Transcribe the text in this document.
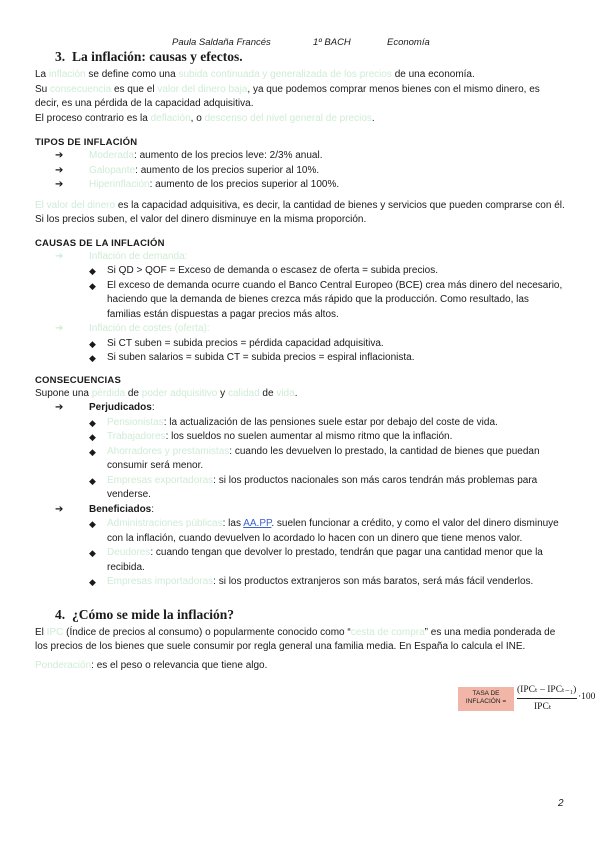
Paula Saldaña Francés	1º BACH	Economía
3. La inflación: causas y efectos.

La inflación se define como una subida continuada y generalizada de los precios de una economía.

Su consecuencia es que el valor del dinero baja, ya que podemos comprar menos bienes con el mismo dinero, es decir, es una pérdida de la capacidad adquisitiva.

El proceso contrario es la deflación, o descenso del nivel general de precios.

TIPOS DE INFLACIÓN
➔	Moderada: aumento de los precios leve: 2/3% anual.
➔	Galopante: aumento de los precios superior al 10%.
➔	Hiperinflación: aumento de los precios superior al 100%.

El valor del dinero es la capacidad adquisitiva, es decir, la cantidad de bienes y servicios que pueden comprarse con él. Si los precios suben, el valor del dinero disminuye en la misma proporción.

CAUSAS DE LA INFLACIÓN
➔	Inflación de demanda:
◆ Si QD > QOF = Exceso de demanda o escasez de oferta = subida precios.
◆ El exceso de demanda ocurre cuando el Banco Central Europeo (BCE) crea más dinero del necesario, haciendo que la demanda de bienes crezca más rápido que la producción. Como resultado, las familias están dispuestas a pagar precios más altos.
➔	Inflación de costes (oferta):
◆ Si CT suben = subida precios = pérdida capacidad adquisitiva.
◆ Si suben salarios = subida CT = subida precios = espiral inflacionista.
CONSECUENCIAS

Supone una pérdida de poder adquisitivo y calidad de vida.

➔	Perjudicados:
◆ Pensionistas: la actualización de las pensiones suele estar por debajo del coste de vida.
◆ Trabajadores: los sueldos no suelen aumentar al mismo ritmo que la inflación.
◆ Ahorradores y prestamistas: cuando les devuelven lo prestado, la cantidad de bienes que puedan consumir será menor.
◆ Empresas exportadoras: si los productos nacionales son más caros tendrán más problemas para venderse.
➔	Beneficiados:
◆ Administraciones públicas: las AA.PP. suelen funcionar a crédito, y como el valor del dinero disminuye con la inflación, cuando devuelven lo acordado lo hacen con un dinero que tiene menos valor.
◆ Deudores: cuando tengan que devolver lo prestado, tendrán que pagar una cantidad menor que la recibida.
◆ Empresas importadoras: si los productos extranjeros son más baratos, será más fácil venderlos.
4. ¿Cómo se mide la inflación?

El IPC (Índice de precios al consumo) o popularmente conocido como “cesta de compra” es una media ponderada de los precios de los bienes que suele consumir por regla general una familia media. En España lo calcula el INE.

Ponderación: es el peso o relevancia que tiene algo.

TASA DE INFLACIÓN =
(IPCₜ – IPCₜ₋₁)
IPCₜ
·100
2
